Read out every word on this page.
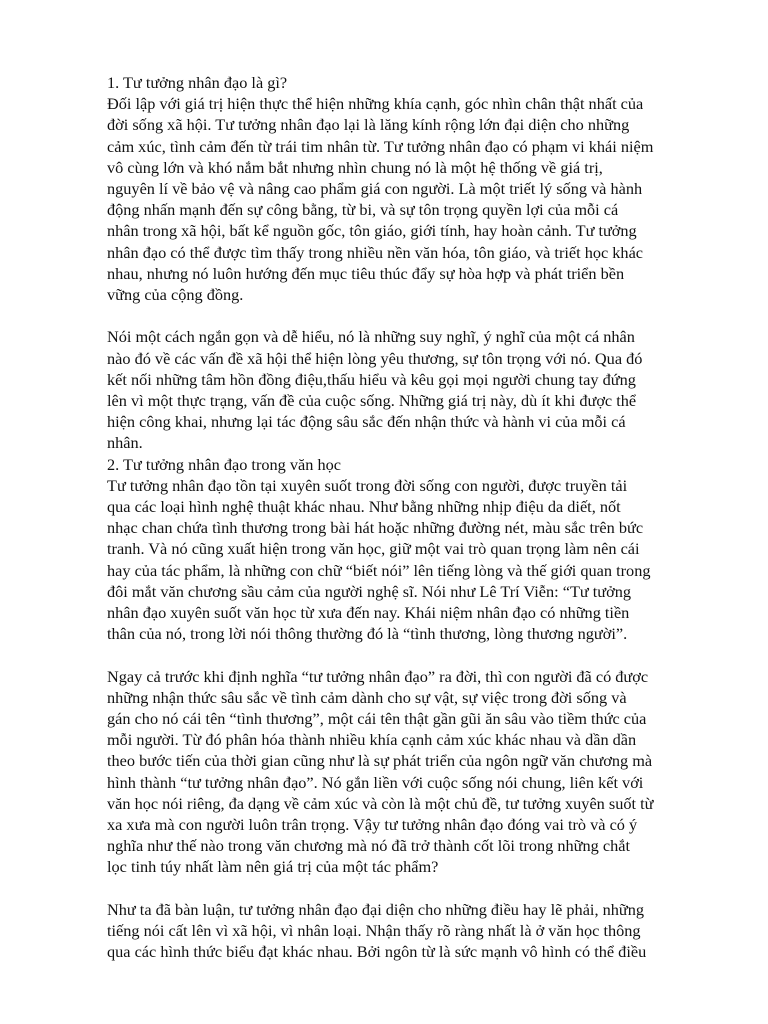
1. Tư tưởng nhân đạo là gì?

Đối lập với giá trị hiện thực thể hiện những khía cạnh, góc nhìn chân thật nhất của
đời sống xã hội. Tư tưởng nhân đạo lại là lăng kính rộng lớn đại diện cho những
cảm xúc, tình cảm đến từ trái tim nhân từ. Tư tưởng nhân đạo có phạm vi khái niệm
vô cùng lớn và khó nắm bắt nhưng nhìn chung nó là một hệ thống về giá trị,
nguyên lí về bảo vệ và nâng cao phẩm giá con người. Là một triết lý sống và hành
động nhấn mạnh đến sự công bằng, từ bi, và sự tôn trọng quyền lợi của mỗi cá
nhân trong xã hội, bất kể nguồn gốc, tôn giáo, giới tính, hay hoàn cảnh. Tư tưởng
nhân đạo có thể được tìm thấy trong nhiều nền văn hóa, tôn giáo, và triết học khác
nhau, nhưng nó luôn hướng đến mục tiêu thúc đẩy sự hòa hợp và phát triển bền
vững của cộng đồng.

Nói một cách ngắn gọn và dễ hiểu, nó là những suy nghĩ, ý nghĩ của một cá nhân
nào đó về các vấn đề xã hội thể hiện lòng yêu thương, sự tôn trọng với nó. Qua đó
kết nối những tâm hồn đồng điệu,thấu hiểu và kêu gọi mọi người chung tay đứng
lên vì một thực trạng, vấn đề của cuộc sống. Những giá trị này, dù ít khi được thể
hiện công khai, nhưng lại tác động sâu sắc đến nhận thức và hành vi của mỗi cá
nhân.

2. Tư tưởng nhân đạo trong văn học

Tư tưởng nhân đạo tồn tại xuyên suốt trong đời sống con người, được truyền tải
qua các loại hình nghệ thuật khác nhau. Như bằng những nhịp điệu da diết, nốt
nhạc chan chứa tình thương trong bài hát hoặc những đường nét, màu sắc trên bức
tranh. Và nó cũng xuất hiện trong văn học, giữ một vai trò quan trọng làm nên cái
hay của tác phẩm, là những con chữ “biết nói” lên tiếng lòng và thế giới quan trong
đôi mắt văn chương sầu cảm của người nghệ sĩ. Nói như Lê Trí Viễn: “Tư tưởng
nhân đạo xuyên suốt văn học từ xưa đến nay. Khái niệm nhân đạo có những tiền
thân của nó, trong lời nói thông thường đó là “tình thương, lòng thương người”.

Ngay cả trước khi định nghĩa “tư tưởng nhân đạo” ra đời, thì con người đã có được
những nhận thức sâu sắc về tình cảm dành cho sự vật, sự việc trong đời sống và
gán cho nó cái tên “tình thương”, một cái tên thật gần gũi ăn sâu vào tiềm thức của
mỗi người. Từ đó phân hóa thành nhiều khía cạnh cảm xúc khác nhau và dần dần
theo bước tiến của thời gian cũng như là sự phát triển của ngôn ngữ văn chương mà
hình thành “tư tưởng nhân đạo”. Nó gắn liền với cuộc sống nói chung, liên kết với
văn học nói riêng, đa dạng về cảm xúc và còn là một chủ đề, tư tưởng xuyên suốt từ
xa xưa mà con người luôn trân trọng. Vậy tư tưởng nhân đạo đóng vai trò và có ý
nghĩa như thế nào trong văn chương mà nó đã trở thành cốt lõi trong những chắt
lọc tinh túy nhất làm nên giá trị của một tác phẩm?

Như ta đã bàn luận, tư tưởng nhân đạo đại diện cho những điều hay lẽ phải, những
tiếng nói cất lên vì xã hội, vì nhân loại. Nhận thấy rõ ràng nhất là ở văn học thông
qua các hình thức biểu đạt khác nhau. Bởi ngôn từ là sức mạnh vô hình có thể điều
